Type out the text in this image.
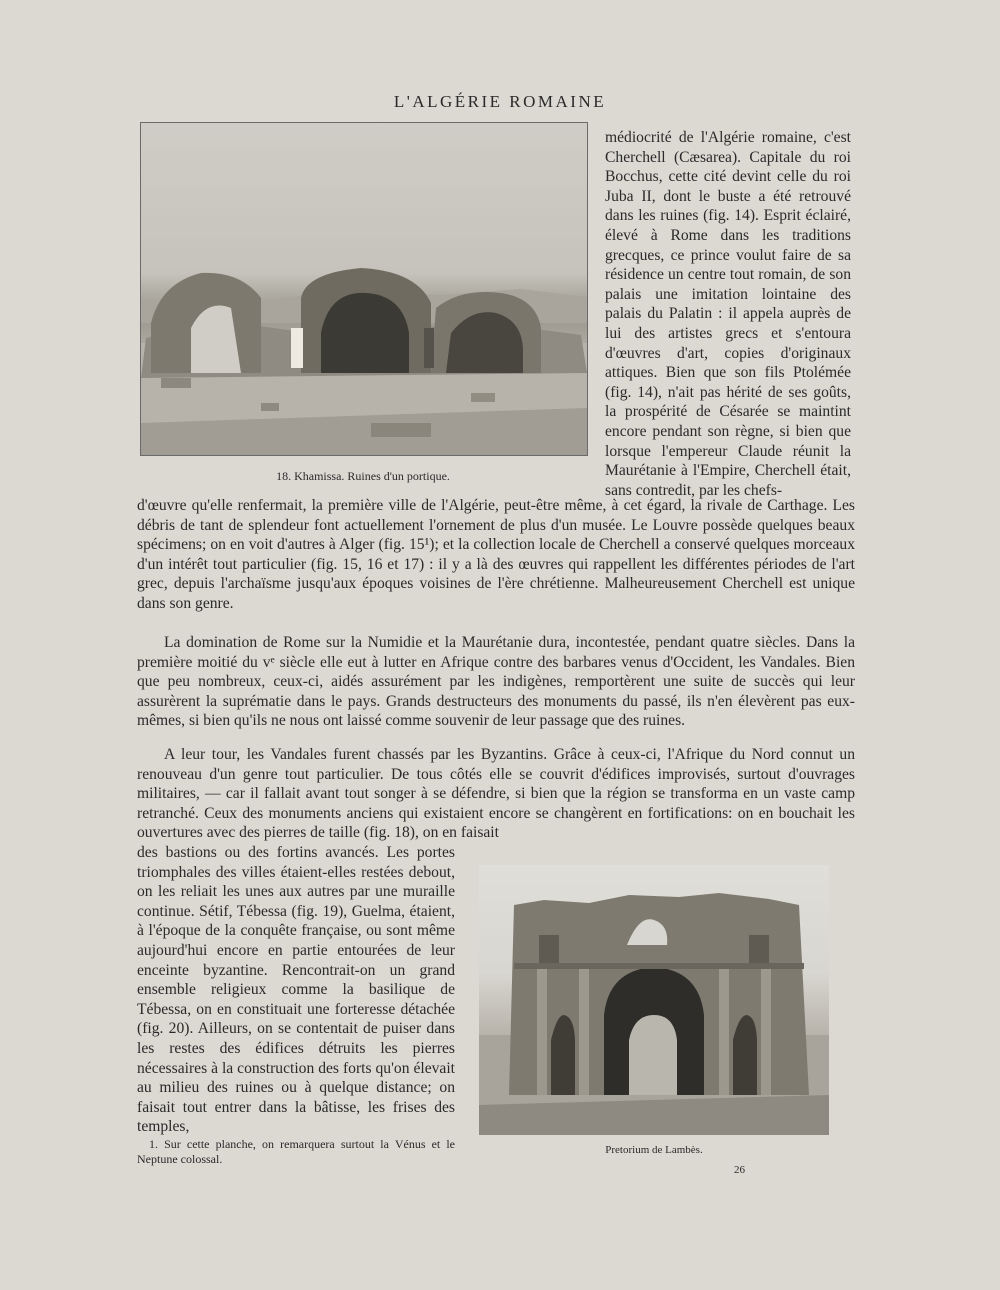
L'ALGÉRIE ROMAINE
18. Khamissa. Ruines d'un portique.

médiocrité de l'Algérie romaine, c'est Cherchell (Cæsarea). Capitale du roi Bocchus, cette cité devint celle du roi Juba II, dont le buste a été retrouvé dans les ruines (fig. 14). Esprit éclairé, élevé à Rome dans les traditions grecques, ce prince voulut faire de sa résidence un centre tout romain, de son palais une imitation lointaine des palais du Palatin : il appela auprès de lui des artistes grecs et s'entoura d'œuvres d'art, copies d'originaux attiques. Bien que son fils Ptolémée (fig. 14), n'ait pas hérité de ses goûts, la prospérité de Césarée se maintint encore pendant son règne, si bien que lorsque l'empereur Claude réunit la Maurétanie à l'Empire, Cherchell était, sans contredit, par les chefs-

d'œuvre qu'elle renfermait, la première ville de l'Algérie, peut-être même, à cet égard, la rivale de Carthage. Les débris de tant de splendeur font actuellement l'ornement de plus d'un musée. Le Louvre possède quelques beaux spécimens; on en voit d'autres à Alger (fig. 15¹); et la collection locale de Cherchell a conservé quelques morceaux d'un intérêt tout particulier (fig. 15, 16 et 17) : il y a là des œuvres qui rappellent les différentes périodes de l'art grec, depuis l'archaïsme jusqu'aux époques voisines de l'ère chrétienne. Malheureusement Cherchell est unique dans son genre.

La domination de Rome sur la Numidie et la Maurétanie dura, incontestée, pendant quatre siècles. Dans la première moitié du vᵉ siècle elle eut à lutter en Afrique contre des barbares venus d'Occident, les Vandales. Bien que peu nombreux, ceux-ci, aidés assurément par les indigènes, remportèrent une suite de succès qui leur assurèrent la suprématie dans le pays. Grands destructeurs des monuments du passé, ils n'en élevèrent pas eux-mêmes, si bien qu'ils ne nous ont laissé comme souvenir de leur passage que des ruines.

A leur tour, les Vandales furent chassés par les Byzantins. Grâce à ceux-ci, l'Afrique du Nord connut un renouveau d'un genre tout particulier. De tous côtés elle se couvrit d'édifices improvisés, surtout d'ouvrages militaires, — car il fallait avant tout songer à se défendre, si bien que la région se transforma en un vaste camp retranché. Ceux des monuments anciens qui existaient encore se changèrent en fortifications: on en bouchait les ouvertures avec des pierres de taille (fig. 18), on en faisait

des bastions ou des fortins avancés. Les portes triomphales des villes étaient-elles restées debout, on les reliait les unes aux autres par une muraille continue. Sétif, Tébessa (fig. 19), Guelma, étaient, à l'époque de la conquête française, ou sont même aujourd'hui encore en partie entourées de leur enceinte byzantine. Rencontrait-on un grand ensemble religieux comme la basilique de Tébessa, on en constituait une forteresse détachée (fig. 20). Ailleurs, on se contentait de puiser dans les restes des édifices détruits les pierres nécessaires à la construction des forts qu'on élevait au milieu des ruines ou à quelque distance; on faisait tout entrer dans la bâtisse, les frises des temples,

Pretorium de Lambès.
1. Sur cette planche, on remarquera surtout la Vénus et le Neptune colossal.
26
